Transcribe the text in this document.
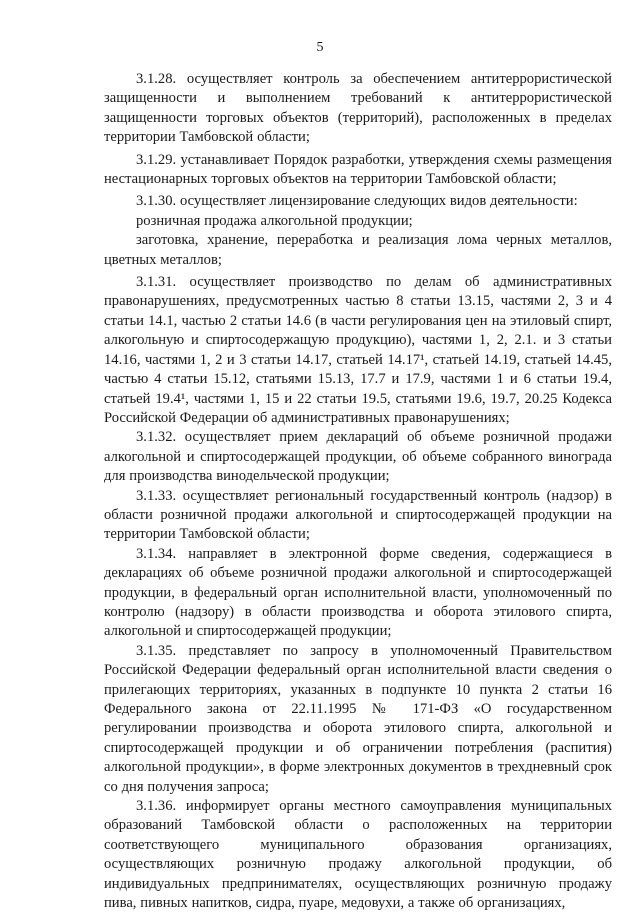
5

3.1.28. осуществляет контроль за обеспечением антитеррористической защищенности и выполнением требований к антитеррористической защищенности торговых объектов (территорий), расположенных в пределах территории Тамбовской области;

3.1.29. устанавливает Порядок разработки, утверждения схемы размещения нестационарных торговых объектов на территории Тамбовской области;

3.1.30. осуществляет лицензирование следующих видов деятельности:

розничная продажа алкогольной продукции;

заготовка, хранение, переработка и реализация лома черных металлов, цветных металлов;

3.1.31. осуществляет производство по делам об административных правонарушениях, предусмотренных частью 8 статьи 13.15, частями 2, 3 и 4 статьи 14.1, частью 2 статьи 14.6 (в части регулирования цен на этиловый спирт, алкогольную и спиртосодержащую продукцию), частями 1, 2, 2.1. и 3 статьи 14.16, частями 1, 2 и 3 статьи 14.17, статьей 14.17¹, статьей 14.19, статьей 14.45, частью 4 статьи 15.12, статьями 15.13, 17.7 и 17.9, частями 1 и 6 статьи 19.4, статьей 19.4¹, частями 1, 15 и 22 статьи 19.5, статьями 19.6, 19.7, 20.25 Кодекса Российской Федерации об административных правонарушениях;

3.1.32. осуществляет прием деклараций об объеме розничной продажи алкогольной и спиртосодержащей продукции, об объеме собранного винограда для производства винодельческой продукции;

3.1.33. осуществляет региональный государственный контроль (надзор) в области розничной продажи алкогольной и спиртосодержащей продукции на территории Тамбовской области;

3.1.34. направляет в электронной форме сведения, содержащиеся в декларациях об объеме розничной продажи алкогольной и спиртосодержащей продукции, в федеральный орган исполнительной власти, уполномоченный по контролю (надзору) в области производства и оборота этилового спирта, алкогольной и спиртосодержащей продукции;

3.1.35. представляет по запросу в уполномоченный Правительством Российской Федерации федеральный орган исполнительной власти сведения о прилегающих территориях, указанных в подпункте 10 пункта 2 статьи 16 Федерального закона от 22.11.1995 № 171-ФЗ «О государственном регулировании производства и оборота этилового спирта, алкогольной и спиртосодержащей продукции и об ограничении потребления (распития) алкогольной продукции», в форме электронных документов в трехдневный срок со дня получения запроса;

3.1.36. информирует органы местного самоуправления муниципальных образований Тамбовской области о расположенных на территории соответствующего муниципального образования организациях, осуществляющих розничную продажу алкогольной продукции, об индивидуальных предпринимателях, осуществляющих розничную продажу пива, пивных напитков, сидра, пуаре, медовухи, а также об организациях,
